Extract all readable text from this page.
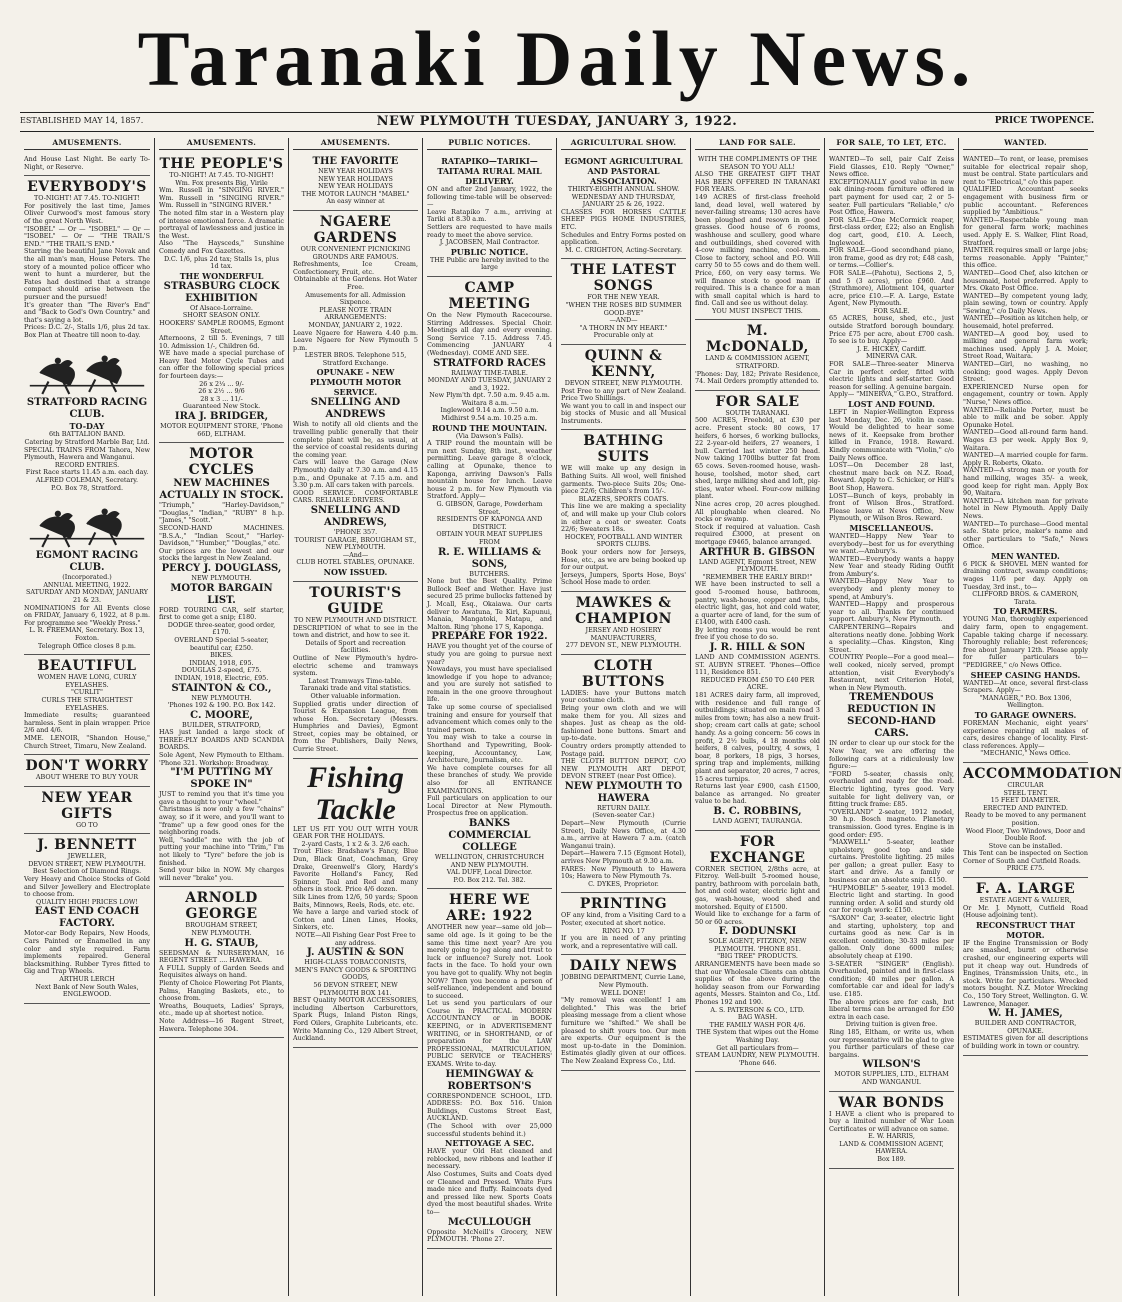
Taranaki Daily News.
ESTABLISHED MAY 14, 1857.	NEW PLYMOUTH TUESDAY, JANUARY 3, 1922.	PRICE TWOPENCE.
AMUSEMENTS.
And House Last Night. Be early To-Night, or Reserve.
EVERYBODY'S
TO-NIGHT! AT 7.45. TO-NIGHT!
For positively the last time, James Oliver Curwood's most famous story of the great North West.
"ISOBEL" — Or — "ISOBEL" — Or — "ISOBEL" — Or — "THE TRAIL'S END." "THE TRAIL'S END."
Starring the beautiful Jane Novak and the all man's man, House Peters. The story of a mounted police officer who went to hunt a murderer, but the Fates had destined that a strange compact should arise between the pursuer and the pursued!
It's greater than "The River's End" and "Back to God's Own Country." and that's saying a lot.
Prices: D.C. 2/-, Stalls 1/6, plus 2d tax. Box Plan at Theatre till noon to-day.
STRATFORD RACING CLUB.
TO-DAY
6th BATTALION BAND.
Catering by Stratford Marble Bar, Ltd.
SPECIAL TRAINS FROM Tahora, New Plymouth, Hawera and Wanganui.
RECORD ENTRIES.
First Race starts 11.45 a.m. each day.
ALFRED COLEMAN, Secretary.
P.O. Box 78, Stratford.
EGMONT RACING CLUB.
(Incorporated.)
ANNUAL MEETING, 1922.
SATURDAY AND MONDAY, JANUARY 21 & 23.
NOMINATIONS for All Events close on FRIDAY, January 6, 1922, at 8 p.m. For programme see "Weekly Press."
L. R. FREEMAN, Secretary. Box 13, Foxton.
Telegraph Office closes 8 p.m.
BEAUTIFUL
WOMEN HAVE LONG, CURLY EYELASHES.
"CURLIT"
CURLS THE STRAIGHTEST EYELASHES.
Immediate results; guaranteed harmless. Sent in plain wrapper. Price 2/6 and 4/6.
MME. LENOIR, "Shandon House," Church Street, Timaru, New Zealand.
DON'T WORRY
ABOUT WHERE TO BUY YOUR
NEW YEAR GIFTS
GO TO
J. BENNETT
JEWELLER,
DEVON STREET, NEW PLYMOUTH.
Best Selection of Diamond Rings.
Very Heavy and Choice Stocks of Gold and Silver Jewellery and Electroplate to choose from.
QUALITY HIGH! PRICES LOW!
EAST END COACH FACTORY.
Motor-car Body Repairs, New Hoods, Cars Painted or Enamelled in any color and style required. Farm implements repaired. General blacksmithing. Rubber Tyres fitted to Gig and Trap Wheels.
ARTHUR LERCH
Next Bank of New South Wales, ENGLEWOOD.
AMUSEMENTS.
THE PEOPLE'S
TO-NIGHT! At 7.45. TO-NIGHT!
Wm. Fox presents Big, Virile
Wm. Russell in "SINGING RIVER." Wm. Russell in "SINGING RIVER." Wm. Russell in "SINGING RIVER."
The noted film star in a Western play of intense emotional force. A dramatic portrayal of lawlessness and justice in the West.
Also "The Haysceds," Sunshine Comedy and Fox Gazettes.
D.C. 1/6, plus 2d tax; Stalls 1s, plus 1d tax.
THE WONDERFUL
STRASBURG CLOCK EXHIBITION
Of Alsace-Lorraine.
SHORT SEASON ONLY.
HOOKERS' SAMPLE ROOMS, Egmont Street.
Afternoons, 2 till 5. Evenings, 7 till 10. Admission 1/-, Children 6d.
WE have made a special purchase of Heavy Red Motor Cycle Tubes and can offer the following special prices for fourteen days:—
26 x 2¼ ... 9/-
26 x 2½ ... 9/6
28 x 3 ... 11/-
Guaranteed New Stock.
IRA J. BRIDGER,
MOTOR EQUIPMENT STORE, 'Phone 66D, ELTHAM.
MOTOR CYCLES
NEW MACHINES ACTUALLY IN STOCK.
"Triumph," "Harley-Davidson," "Douglas," "Indian," "RUBY" 8 h.p. "James," "Scott."
SECOND-HAND MACHINES. "B.S.A.," "Indian Scout," "Harley-Davidson," "Humber," "Douglas," etc.
Our prices are the lowest and our stocks the largest in New Zealand.
PERCY J. DOUGLASS,
NEW PLYMOUTH.
MOTOR BARGAIN LIST.
FORD TOURING CAR, self starter, first to come get a snip; £180.
DODGE three-seater, good order, £170.
OVERLAND Special 5-seater, beautiful car, £250.
BIKES.
INDIAN, 1918, £95.
DOUGLAS 2-speed, £75.
INDIAN, 1918, Electric, £95.
STAINTON & CO.,
NEW PLYMOUTH.
'Phones 192 & 190. P.O. Box 142.
C. MOORE,
BUILDER, STRATFORD,
HAS just landed a large stock of THREE-PLY BOARDS AND SCANDIA BOARDS.
Sole Agent, New Plymouth to Eltham. 'Phone 321. Workshop: Broadway.
"I'M PUTTING MY SPOKE IN"
JUST to remind you that it's time you gave a thought to your "wheel."
Christmas is now only a few "chains" away, so if it were, and you'll want to "frame" up a few good ones for the neighboring roads.
Well, "saddle" me with the job of putting your machine into "Trim," I'm not likely to "Tyre" before the job is finished.
Send your bike in NOW. My charges will never "brake" you.
ARNOLD GEORGE
BROUGHAM STREET,
NEW PLYMOUTH.
H. G. STAUB,
SEEDSMAN & NURSERYMAN, 16 REGENT STREET .... HAWERA.
A FULL Supply of Garden Seeds and Requisites always on hand.
Plenty of Choice Flowering Pot Plants, Palms, Hanging Baskets, etc., to choose from.
Wreaths, Bouquets, Ladies' Sprays, etc., made up at shortest notice.
Note Address—16 Regent Street, Hawera. Telephone 304.
AMUSEMENTS.
THE FAVORITE
NEW YEAR HOLIDAYS
NEW YEAR HOLIDAYS
NEW YEAR HOLIDAYS
THE MOTOR LAUNCH "MABEL"
An easy winner at
NGAERE GARDENS
OUR CONVENIENT PICNICKING GROUNDS ARE FAMOUS.
Refreshments, Ice Cream, Confectionery, Fruit, etc.
Obtainable at the Gardens. Hot Water Free.
Amusements for all. Admission Sixpence.
PLEASE NOTE TRAIN ARRANGEMENTS:
MONDAY, JANUARY 2, 1922.
Leave Ngaere for Hawera 4.40 p.m. Leave Ngaere for New Plymouth 5 p.m.
LESTER BROS. Telephone 515, Stratford Exchange.
OPUNAKE - NEW PLYMOUTH MOTOR SERVICE.
SNELLING AND ANDREWS
Wish to notify all old clients and the travelling public generally that their complete plant will be, as usual, at the service of coastal residents during the coming year.
Cars will leave the Garage (New Plymouth) daily at 7.30 a.m. and 4.15 p.m., and Opunake at 7.15 a.m. and 3.30 p.m. All cars taken with parcels.
GOOD SERVICE. COMFORTABLE CARS. RELIABLE DRIVERS.
SNELLING AND ANDREWS,
'PHONE 357.
TOURIST GARAGE, BROUGHAM ST., NEW PLYMOUTH.
—And—
CLUB HOTEL STABLES, OPUNAKE.
NOW ISSUED.
TOURIST'S GUIDE
TO NEW PLYMOUTH AND DISTRICT.
DESCRIPTION of what to see in the town and district, and how to see it.
Details of Sport and recreation facilities.
Outline of New Plymouth's hydro-electric scheme and tramways system.
Latest Tramways Time-table.
Taranaki trade and vital statistics.
Other valuable information.
Supplied gratis under direction of Tourist & Expansion League, from whose Hon. Secretary (Messrs. Humphries and Davies), Egmont Street, copies may be obtained, or from the Publishers, Daily News, Currie Street.
Fishing Tackle
LET US FIT YOU OUT WITH YOUR GEAR FOR THE HOLIDAYS.
2-yard Casts, 1 x 2 & 3. 2/6 each.
Trout Flies: Bradshaw's Fancy, Blue Dun, Black Gnat, Coachman, Grey Drake, Greenwell's Glory, Hardy's Favorite Holland's Fancy, Red Spinner, Teal and Red and many others in stock. Price 4/6 dozen.
Silk Lines from 12/6, 50 yards; Spoon Baits, Minnows, Reels, Rods, etc. etc.
We have a large and varied stock of Cotton and Linen Lines, Hooks, Sinkers, etc.
NOTE—All Fishing Gear Post Free to any address.
J. AUSTIN & SON
HIGH-CLASS TOBACCONISTS,
MEN'S FANCY GOODS & SPORTING GOODS,
56 DEVON STREET, NEW PLYMOUTH BOX 141.
BEST Quality MOTOR ACCESSORIES, including Albertson Carburettors, Spark Plugs, Inland Piston Rings, Ford Oilers, Graphite Lubricants, etc. Write Manning Co., 129 Albert Street, Auckland.
PUBLIC NOTICES.
RATAPIKO—TARIKI—TAITAMA RURAL MAIL DELIVERY.
ON and after 2nd January, 1922, the following time-table will be observed:—
Leave Ratapiko 7 a.m., arriving at Tariki at 8.30 a.m.
Settlers are requested to have mails ready to meet the above service.
J. JACOBSEN, Mail Contractor.
PUBLIC NOTICE.
THE Public are hereby invited to the large
CAMP MEETING
On the New Plymouth Racecourse. Stirring Addresses. Special Choir. Meetings all day and every evening. Song Service 7.15. Address 7.45. Commencing JANUARY 4 (Wednesday). COME AND SEE.
STRATFORD RACES
RAILWAY TIME-TABLE.
MONDAY AND TUESDAY, JANUARY 2 and 3, 1922.
New Plym'th dpt. 7.50 a.m. 9.45 a.m.
Waitara 8 a.m. —
Inglewood 9.14 a.m. 9.50 a.m.
Midhirst 9.54 a.m. 10.25 a.m.
ROUND THE MOUNTAIN.
(Via Dawson's Falls).
A TRIP round the mountain will be run next Sunday, 8th inst., weather permitting. Leave garage 8 o'clock, calling at Opunake, thence to Kaponga, arriving Dawson's Falls mountain house for lunch. Leave house 2 p.m. for New Plymouth via Stratford. Apply—
G. GIBSON, Garage, Powderham Street.
RESIDENTS OF KAPONGA AND DISTRICT.
OBTAIN YOUR MEAT SUPPLIES FROM
R. E. WILLIAMS & SONS,
BUTCHERS.
None but the Best Quality. Prime Bullock Beef and Wether. Have just secured 25 prime bullocks fattened by J. Mcall, Esq., Okaiawa. Our carts deliver to Awatuna, Te Kiri, Kapunui, Manaia, Mangatoki, Matapu, and Malton. Ring 'phone 17 S, Kaponga.
PREPARE FOR 1922.
HAVE you thought yet of the course of study you are going to pursue next year?
Nowadays, you must have specialised knowledge if you hope to advance; and you are surely not satisfied to remain in the one groove throughout life.
Take up some course of specialised training and ensure for yourself that advancement which comes only to the trained person.
You may wish to take a course in Shorthand and Typewriting, Book-keeping, Accountancy, Law, Architecture, Journalism, etc.
We have complete courses for all these branches of study. We provide also for all ENTRANCE EXAMINATIONS.
Full particulars on application to our Local Director at New Plymouth. Prospectus free on application.
BANKS COMMERCIAL COLLEGE
WELLINGTON, CHRISTCHURCH AND NEW PLYMOUTH.
VAL DUFF, Local Director.
P.O. Box 212. Tel. 382.
HERE WE ARE: 1922
ANOTHER new year—same old job—same old age. Is it going to be the same this time next year? Are you merely going to jog along and trust to luck or influence? Surely not. Look facts in the face. To hold your own you have got to qualify. Why not begin NOW? Then you become a person of self-reliance, independent and bound to succeed.
Let us send you particulars of our Course in PRACTICAL MODERN ACCOUNTANCY or in BOOK-KEEPING, or in ADVERTISEMENT WRITING, or in SHORTHAND, or of preparation for the LAW PROFESSIONAL, MATRICULATION, PUBLIC SERVICE or TEACHERS' EXAMS. Write to-day.
HEMINGWAY & ROBERTSON'S
CORRESPONDENCE SCHOOL, LTD. ADDRESS: P.O. Box 516. Union Buildings, Customs Street East, AUCKLAND.
(The School with over 25,000 successful students behind it.)
NETTOYAGE A SEC.
HAVE your Old Hat cleaned and reblocked, new ribbons and leather if necessary.
Also Costumes, Suits and Coats dyed or Cleaned and Pressed. White Furs made nice and fluffy. Raincoats dyed and pressed like new. Sports Coats dyed the most beautiful shades. Write to—
McCULLOUGH
Opposite McNeill's Grocery, NEW PLYMOUTH. 'Phone 27.
AGRICULTURAL SHOW.
EGMONT AGRICULTURAL AND PASTORAL ASSOCIATION.
THIRTY-EIGHTH ANNUAL SHOW.
WEDNESDAY AND THURSDAY, JANUARY 25 & 26, 1922.
CLASSES FOR HORSES CATTLE SHEEP PIGS HOME INDUSTRIES, ETC.
Schedules and Entry Forms posted on application.
M. C. CRIGHTON, Acting-Secretary.
THE LATEST SONGS
FOR THE NEW YEAR.
"WHEN THE ROSES BID SUMMER GOOD-BYE"
—AND—
"A THORN IN MY HEART."
Procurable only at
QUINN & KENNY,
DEVON STREET, NEW PLYMOUTH.
Post Free to any part of New Zealand. Price Two Shillings.
We want you to call in and inspect our big stocks of Music and all Musical Instruments.
BATHING SUITS
WE will make up any design in Bathing Suits. All wool, well finished garments. Two-piece Suits 20s; One-piece 22/6; Children's from 15/-.
BLAZERS, SPORTS COATS.
This line we are making a speciality of, and will make up your Club colors in either a coat or sweater. Coats 22/6; Sweaters 18s.
HOCKEY, FOOTBALL AND WINTER SPORTS CLUBS.
Book your orders now for Jerseys, Hose, etc., as we are being booked up for our output.
Jerseys, Jumpers, Sports Hose, Boys' School Hose made to order.
MAWKES & CHAMPION
JERSEY AND HOSIERY MANUFACTURERS,
277 DEVON ST., NEW PLYMOUTH.
CLOTH BUTTONS
LADIES: have your Buttons match your costume cloth.
Bring your own cloth and we will make them for you. All sizes and shapes. Just as cheap as the old-fashioned bone buttons. Smart and up-to-date.
Country orders promptly attended to Postage paid.
THE CLOTH BUTTON DEPOT, C/O NEW PLYMOUTH ART DEPOT, DEVON STREET (near Post Office).
NEW PLYMOUTH TO HAWERA
RETURN DAILY.
(Seven-seater Car.)
Depart—New Plymouth (Currie Street), Daily News Office, at 4.30 a.m., arrive at Hawera 7 a.m. (catch Wanganui train).
Depart—Hawera 7.15 (Egmont Hotel), arrives New Plymouth at 9.30 a.m.
FARES: New Plymouth to Hawera 10s; Hawera to New Plymouth 7s.
C. DYKES, Proprietor.
PRINTING
OF any kind, from a Visiting Card to a Poster, executed at short notice.
RING NO. 17
If you are in need of any printing work, and a representative will call.
DAILY NEWS
JOBBING DEPARTMENT, Currie Lane, New Plymouth.
WELL DONE!
"My removal was excellent! I am delighted." This was the brief pleasing message from a client whose furniture we "shifted." We shall be pleased to shift yours too. Our men are experts. Our equipment is the most up-to-date in the Dominion. Estimates gladly given at our offices. The New Zealand Express Co., Ltd.
LAND FOR SALE.
WITH THE COMPLIMENTS OF THE SEASON TO YOU ALL!
ALSO THE GREATEST GIFT THAT HAS BEEN OFFERED IN TARANAKI FOR YEARS.
149 ACRES of first-class freehold land, dead level, well watered by never-failing streams; 130 acres have been ploughed and resown in good grasses. Good house of 6 rooms, washhouse and scullery, good whare and outbuildings, shed covered with 4-cow milking machine, cool-room. Close to factory, school and P.O. Will carry 50 to 55 cows and do them well. Price, £60, on very easy terms. We will finance stock to good man if required. This is a chance for a man with small capital which is hard to find. Call and see us without delay.
YOU MUST INSPECT THIS.
M. McDONALD,
LAND & COMMISSION AGENT, STRATFORD.
'Phones: Day, 182; Private Residence, 74. Mail Orders promptly attended to.
FOR SALE
SOUTH TARANAKI.
500 ACRES, Freehold, at £30 per acre. Present stock: 80 cows, 17 heifers, 6 horses, 6 working bullocks, 22 2-year-old heifers, 27 weaners, 1 bull. Carried last winter 250 head. Now taking 1700lbs butter fat from 65 cows. Seven-roomed house, wash-house, toolshed, motor shed, cart shed, large milking shed and loft, pig-sties, water wheel. Four-cow milking plant.
Nine acres crop, 20 acres ploughed. All ploughable when cleared. No rocks or swamp.
Stock if required at valuation. Cash required £3000, at present on mortgage £9465, balance arranged.
ARTHUR B. GIBSON
LAND AGENT, Egmont Street, NEW PLYMOUTH.
"REMEMBER THE EARLY BIRD!"
WE have been instructed to sell a good 5-roomed house, bathroom, pantry, wash-house, copper and tubs, electric light, gas, hot and cold water, a quarter acre of land, for the sum of £1400, with £400 cash.
By letting rooms you would be rent free if you chose to do so.
J. R. HILL & SON
LAND AND COMMISSION AGENTS. ST. AUBYN STREET. 'Phones—Office 111, Residence 851.
REDUCED FROM £50 TO £40 PER ACRE.
181 ACRES dairy farm, all improved, with residence and full range of outbuildings; situated on main road 3 miles from town; has also a new fruit-shop; cream cart calls at gate; school handy. As a going concern: 56 cows in profit, 2 2½ bulls, 4 18 months old heifers, 8 calves, poultry, 4 sows, 1 boar, 8 porkers, 18 pigs, 3 horses, spring trap and implements, milking plant and separator, 20 acres, 7 acres, 15 acres turnips.
Returns last year £900, cash £1500, balance as arranged. No greater value to be had.
B. C. ROBBINS,
LAND AGENT, TAURANGA.
FOR EXCHANGE
CORNER SECTION, 2/8ths acre, at Fitzroy. Well-built 5-roomed house, pantry, bathroom with porcelain bath, hot and cold water, electric light and gas, wash-house, wood shed and motorshed. Equity of £1500.
Would like to exchange for a farm of 50 or 60 acres.
F. DODUNSKI
SOLE AGENT, FITZROY, NEW PLYMOUTH. 'PHONE 851.
"BIG TREE" PRODUCTS.
ARRANGEMENTS have been made so that our Wholesale Clients can obtain supplies of the above during the holiday season from our Forwarding agents, Messrs. Stainton and Co., Ltd. Phones 192 and 190.
A. S. PATERSON & CO., LTD.
BAG WASH.
THE FAMILY WASH FOR 4/6.
THE System that wipes out the Home Washing Day.
Get all particulars from—
STEAM LAUNDRY, NEW PLYMOUTH. 'Phone 646.
FOR SALE, TO LET, ETC.
WANTED—To sell, pair Calf Zeiss Field Glasses, £10. Reply "Owner," News office.
EXCEPTIONALLY good value in new oak dining-room furniture offered in part payment for used car, 2 or 5-seater. Full particulars "Reliable," c/o Post Office, Hawera.
FOR SALE—One McCormick reaper, first-class order, £22; also an English dog cart, good, £10. A. Leech, Inglewood.
FOR SALE—Good secondhand piano, iron frame, good as dry rot; £48 cash, or terms.—Collier's.
FOR SALE—(Pahotu), Sections 2, 5, and 5 (3 acres), price £960. And (Strathmore), Allotment 104, quarter acre, price £10.—F. A. Large, Estate Agent, New Plymouth.
FOR SALE.
65 ACRES, house, shed, etc., just outside Stratford borough boundary. Price £75 per acre, about £700 cash. To see is to buy. Apply—
J. E. HICKEY, Cardiff.
MINERVA CAR.
FOR SALE—Three-seater Minerva Car in perfect order, fitted with electric lights and self-starter. Good reason for selling. A genuine bargain.
Apply— "MINERVA," G.P.O., Stratford.
LOST AND FOUND.
LEFT in Napier-Wellington Express last Monday, Dec. 26, violin in case. Would be delighted to hear some news of it. Keepsake from brother killed in France, 1918. Reward. Kindly communicate with "Violin," c/o Daily News office.
LOST—On December 28 last, chestnut mare back on N.Z. Road, Reward. Apply to C. Schicker, or Hill's Boot Shop, Hawera.
LOST—Bunch of keys, probably in front of Wilson Bros., Stratford. Please leave at News Office, New Plymouth, or Wilson Bros. Reward.
MISCELLANEOUS.
WANTED—Happy New Year to everybody—best for us for everything we want.—Ambury's.
WANTED—Everybody wants a happy New Year and steady Riding Outfit from Ambury's.
WANTED—Happy New Year to everybody and plenty money to spend, at Ambury's.
WANTED—Happy and prosperous year to all. Thanks for continued support. Ambury's, New Plymouth.
CARPENTERING—Repairs and alterations neatly done. Jobbing Work a speciality.—Chas. Kingston, King Street.
COUNTRY People—For a good meal—well cooked, nicely served, prompt attention, visit Everybody's Restaurant, next Criterion Hotel, when in New Plymouth.
TREMENDOUS REDUCTION IN SECOND-HAND CARS.
IN order to clear up our stock for the New Year, we are offering the following cars at a ridiculously low figure:—
"FORD 5-seater, chassis only, overhauled and ready for the road. Electric lighting, tyres good. Very suitable for light delivery van, or fitting truck frame: £85.
"OVERLAND" 2-seater, 1912 model, 30 h.p. Bosch magneto. Planetary transmission. Good tyres. Engine is in good order: £95.
"MAXWELL" 5-seater, leather upholstery, good top and side curtains. Prestolite lighting. 25 miles per gallon; a great puller. Easy to start and drive. As a family or business car an absolute snip. £150.
"HUPMOBILE" 5-seater, 1913 model. Electric light and starting. In good running order. A solid and sturdy old car for rough work: £150.
"SAXON" Car, 3-seater, electric light and starting, upholstery, top and curtains good as new. Car is in excellent condition; 30-33 miles per gallon. Only done 6000 miles; absolutely cheap at £190.
3-SEATER "SINGER" (English). Overhauled, painted and in first-class condition; 40 miles per gallon. A comfortable car and ideal for lady's use. £185.
The above prices are for cash, but liberal terms can be arranged for £50 extra in each case.
Driving tuition is given free.
Ring 185, Eltham, or write us, when our representative will be glad to give you further particulars of these car bargains.
WILSON'S
MOTOR SUPPLIES, LTD., ELTHAM AND WANGANUI.
WAR BONDS
I HAVE a client who is prepared to buy a limited number of War Loan Certificates or will advance on same.
E. W. HARRIS,
LAND & COMMISSION AGENT, HAWERA.
Box 189.
WANTED.
WANTED—To rent, or lease, premises suitable for electrical repair shop, must be central. State particulars and rent to "Electrical," c/o this paper.
QUALIFIED Accountant seeks engagement with business firm or public accountant. References supplied by "Ambitious."
WANTED—Respectable young man for general farm work; machines used. Apply E. S. Walker, Flint Road, Stratford.
PAINTER requires small or large jobs; terms reasonable. Apply "Painter," this office.
WANTED—Good Chef, also kitchen or housemaid, hotel preferred. Apply to Mrs. Okato Post Office.
WANTED—By competent young lady, plain sewing, town or country. Apply "Sewing," c/o Daily News.
WANTED—Position as kitchen help, or housemaid, hotel preferred.
WANTED—A good boy, used to milking and general farm work; machines used. Apply J. A. Moier, Street Road, Waitara.
WANTED—Girl, no washing, no cooking; good wages. Apply Devon Street.
EXPERIENCED Nurse open for engagement, country or town. Apply "Nurse," News office.
WANTED—Reliable Porter, must be able to milk and be sober. Apply Opunake Hotel.
WANTED—Good all-round farm hand. Wages £3 per week. Apply Box 9, Waitara.
WANTED—A married couple for farm. Apply R. Roberts, Okato.
WANTED—A strong man or youth for hand milking, wages 35/- a week, good keep for right man. Apply Box 90, Waitara.
WANTED—A kitchen man for private hotel in New Plymouth. Apply Daily News.
WANTED—To purchase—Good mental safe. State price, maker's name and other particulars to "Safe," News Office.
MEN WANTED.
6 PICK & SHOVEL MEN wanted for draining contract, swamp conditions; wages 11/6 per day. Apply on Tuesday, 3rd inst., to—
CLIFFORD BROS. & CAMERON, Tarata.
TO FARMERS.
YOUNG Man, thoroughly experienced dairy farm, open to engagement. Capable taking charge if necessary. Thoroughly reliable; best references; free about January 12th. Please apply for fuller particulars to— "PEDIGREE," c/o News Office.
SHEEP CASING HANDS.
WANTED—At once, several first-class Scrapers. Apply—
"MANAGER," P.O. Box 1306, Wellington.
TO GARAGE OWNERS.
FOREMAN Mechanic, eight years' experience repairing all makes of cars, desires change of locality. First-class references. Apply—
"MECHANIC," News Office.
ACCOMMODATION
CIRCULAR
STEEL TENT.
15 FEET DIAMETER.
ERECTED AND PAINTED.
Ready to be moved to any permanent position.
Wood Floor, Two Windows, Door and Double Roof.
Stove can be installed.
This Tent can be inspected on Section Corner of South and Cutfield Roads.
PRICE £75.
F. A. LARGE
ESTATE AGENT & VALUER,
Or Mr. J. Mynott, Cutfield Road (House adjoining tent).
RECONSTRUCT THAT MOTOR.
IF the Engine Transmission or Body are smashed, burnt or otherwise crashed, our engineering experts will put it cheap way out. Hundreds of Engines, Transmission Units, etc., in stock. Write for particulars. Wrecked motors bought. N.Z. Motor Wrecking Co., 150 Tory Street, Wellington. G. W. Lawrence, Manager.
W. H. JAMES,
BUILDER AND CONTRACTOR, OPUNAKE.
ESTIMATES given for all descriptions of building work in town or country.
